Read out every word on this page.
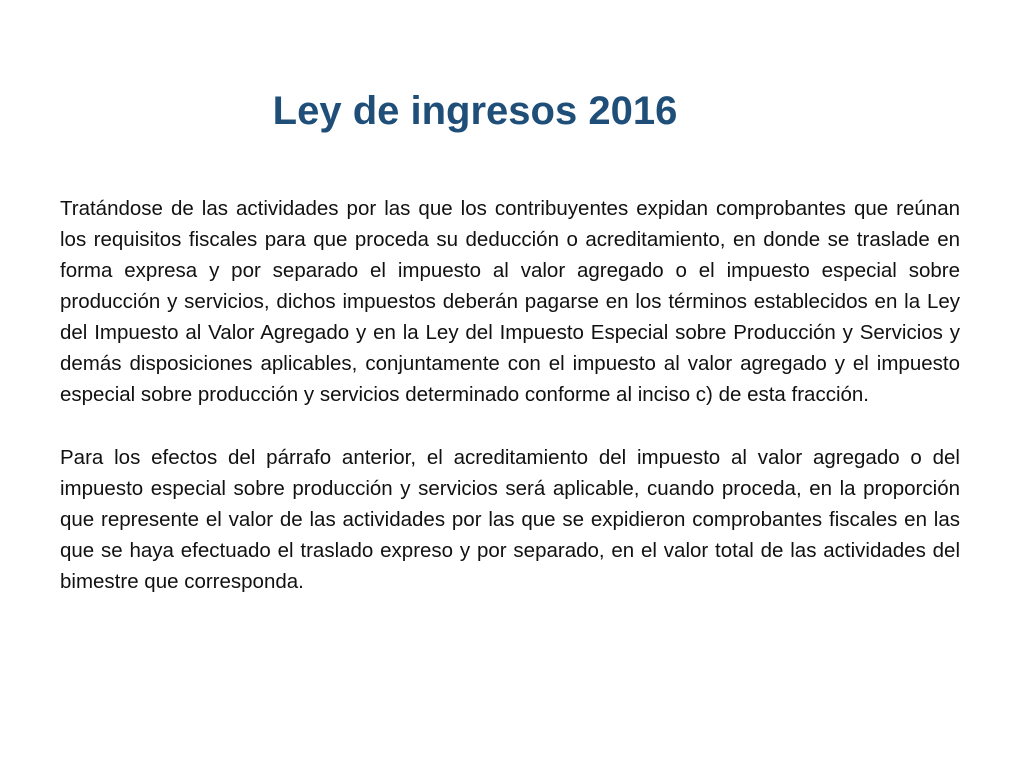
Ley de ingresos 2016

Tratándose de las actividades por las que los contribuyentes expidan comprobantes que reúnan los requisitos fiscales para que proceda su deducción o acreditamiento, en donde se traslade en forma expresa y por separado el impuesto al valor agregado o el impuesto especial sobre producción y servicios, dichos impuestos deberán pagarse en los términos establecidos en la Ley del Impuesto al Valor Agregado y en la Ley del Impuesto Especial sobre Producción y Servicios y demás disposiciones aplicables, conjuntamente con el impuesto al valor agregado y el impuesto especial sobre producción y servicios determinado conforme al inciso c) de esta fracción.

Para los efectos del párrafo anterior, el acreditamiento del impuesto al valor agregado o del impuesto especial sobre producción y servicios será aplicable, cuando proceda, en la proporción que represente el valor de las actividades por las que se expidieron comprobantes fiscales en las que se haya efectuado el traslado expreso y por separado, en el valor total de las actividades del bimestre que corresponda.
